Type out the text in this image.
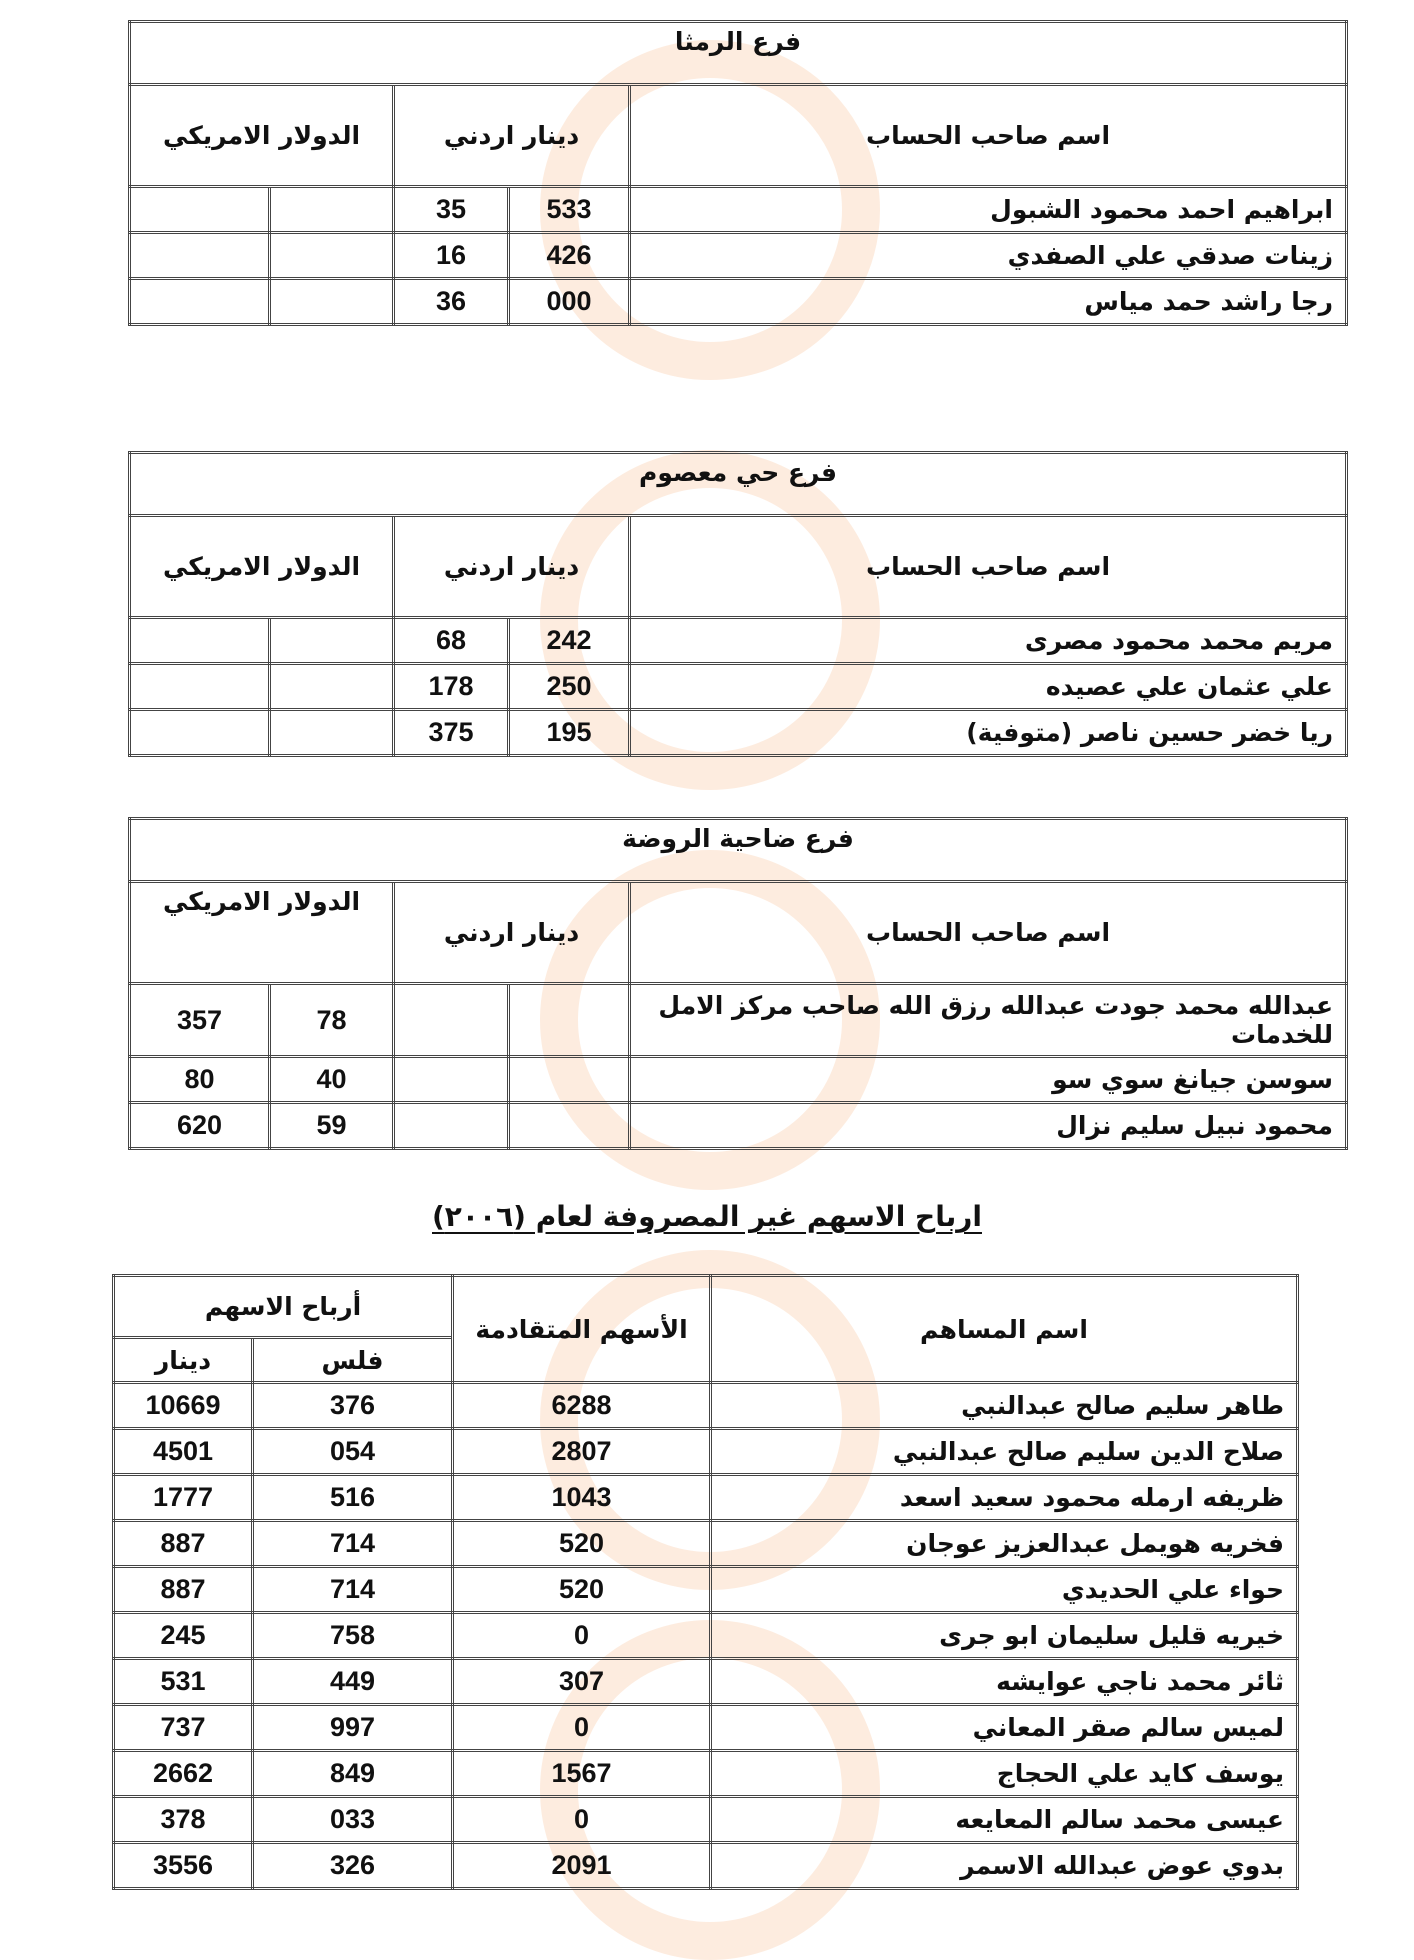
فرع الرمثا				
اسم صاحب الحساب	دينار اردني		الدولار الامريكي	
ابراهيم احمد محمود الشبول	533	35		
زينات صدقي علي الصفدي	426	16		
رجا راشد حمد مياس	000	36		
فرع حي معصوم				
اسم صاحب الحساب	دينار اردني		الدولار الامريكي	
مريم محمد محمود مصرى	242	68		
علي عثمان علي عصيده	250	178		
ريا خضر حسين ناصر (متوفية)	195	375		
فرع ضاحية الروضة				
اسم صاحب الحساب	دينار اردني		الدولار الامريكي	
عبدالله محمد جودت عبدالله رزق الله صاحب مركز الامل للخدمات			78	357
سوسن جيانغ سوي سو			40	80
محمود نبيل سليم نزال			59	620
ارباح الاسهم غير المصروفة لعام (٢٠٠٦)
اسم المساهم	الأسهم المتقادمة	أرباح الاسهم	
		فلس	دينار
طاهر سليم صالح عبدالنبي	6288	376	10669
صلاح الدين سليم صالح عبدالنبي	2807	054	4501
ظريفه ارمله محمود سعيد اسعد	1043	516	1777
فخريه هويمل عبدالعزيز عوجان	520	714	887
حواء علي الحديدي	520	714	887
خيريه قليل سليمان ابو جرى	0	758	245
ثائر محمد ناجي عوايشه	307	449	531
لميس سالم صقر المعاني	0	997	737
يوسف كايد علي الحجاج	1567	849	2662
عيسى محمد سالم المعايعه	0	033	378
بدوي عوض عبدالله الاسمر	2091	326	3556
